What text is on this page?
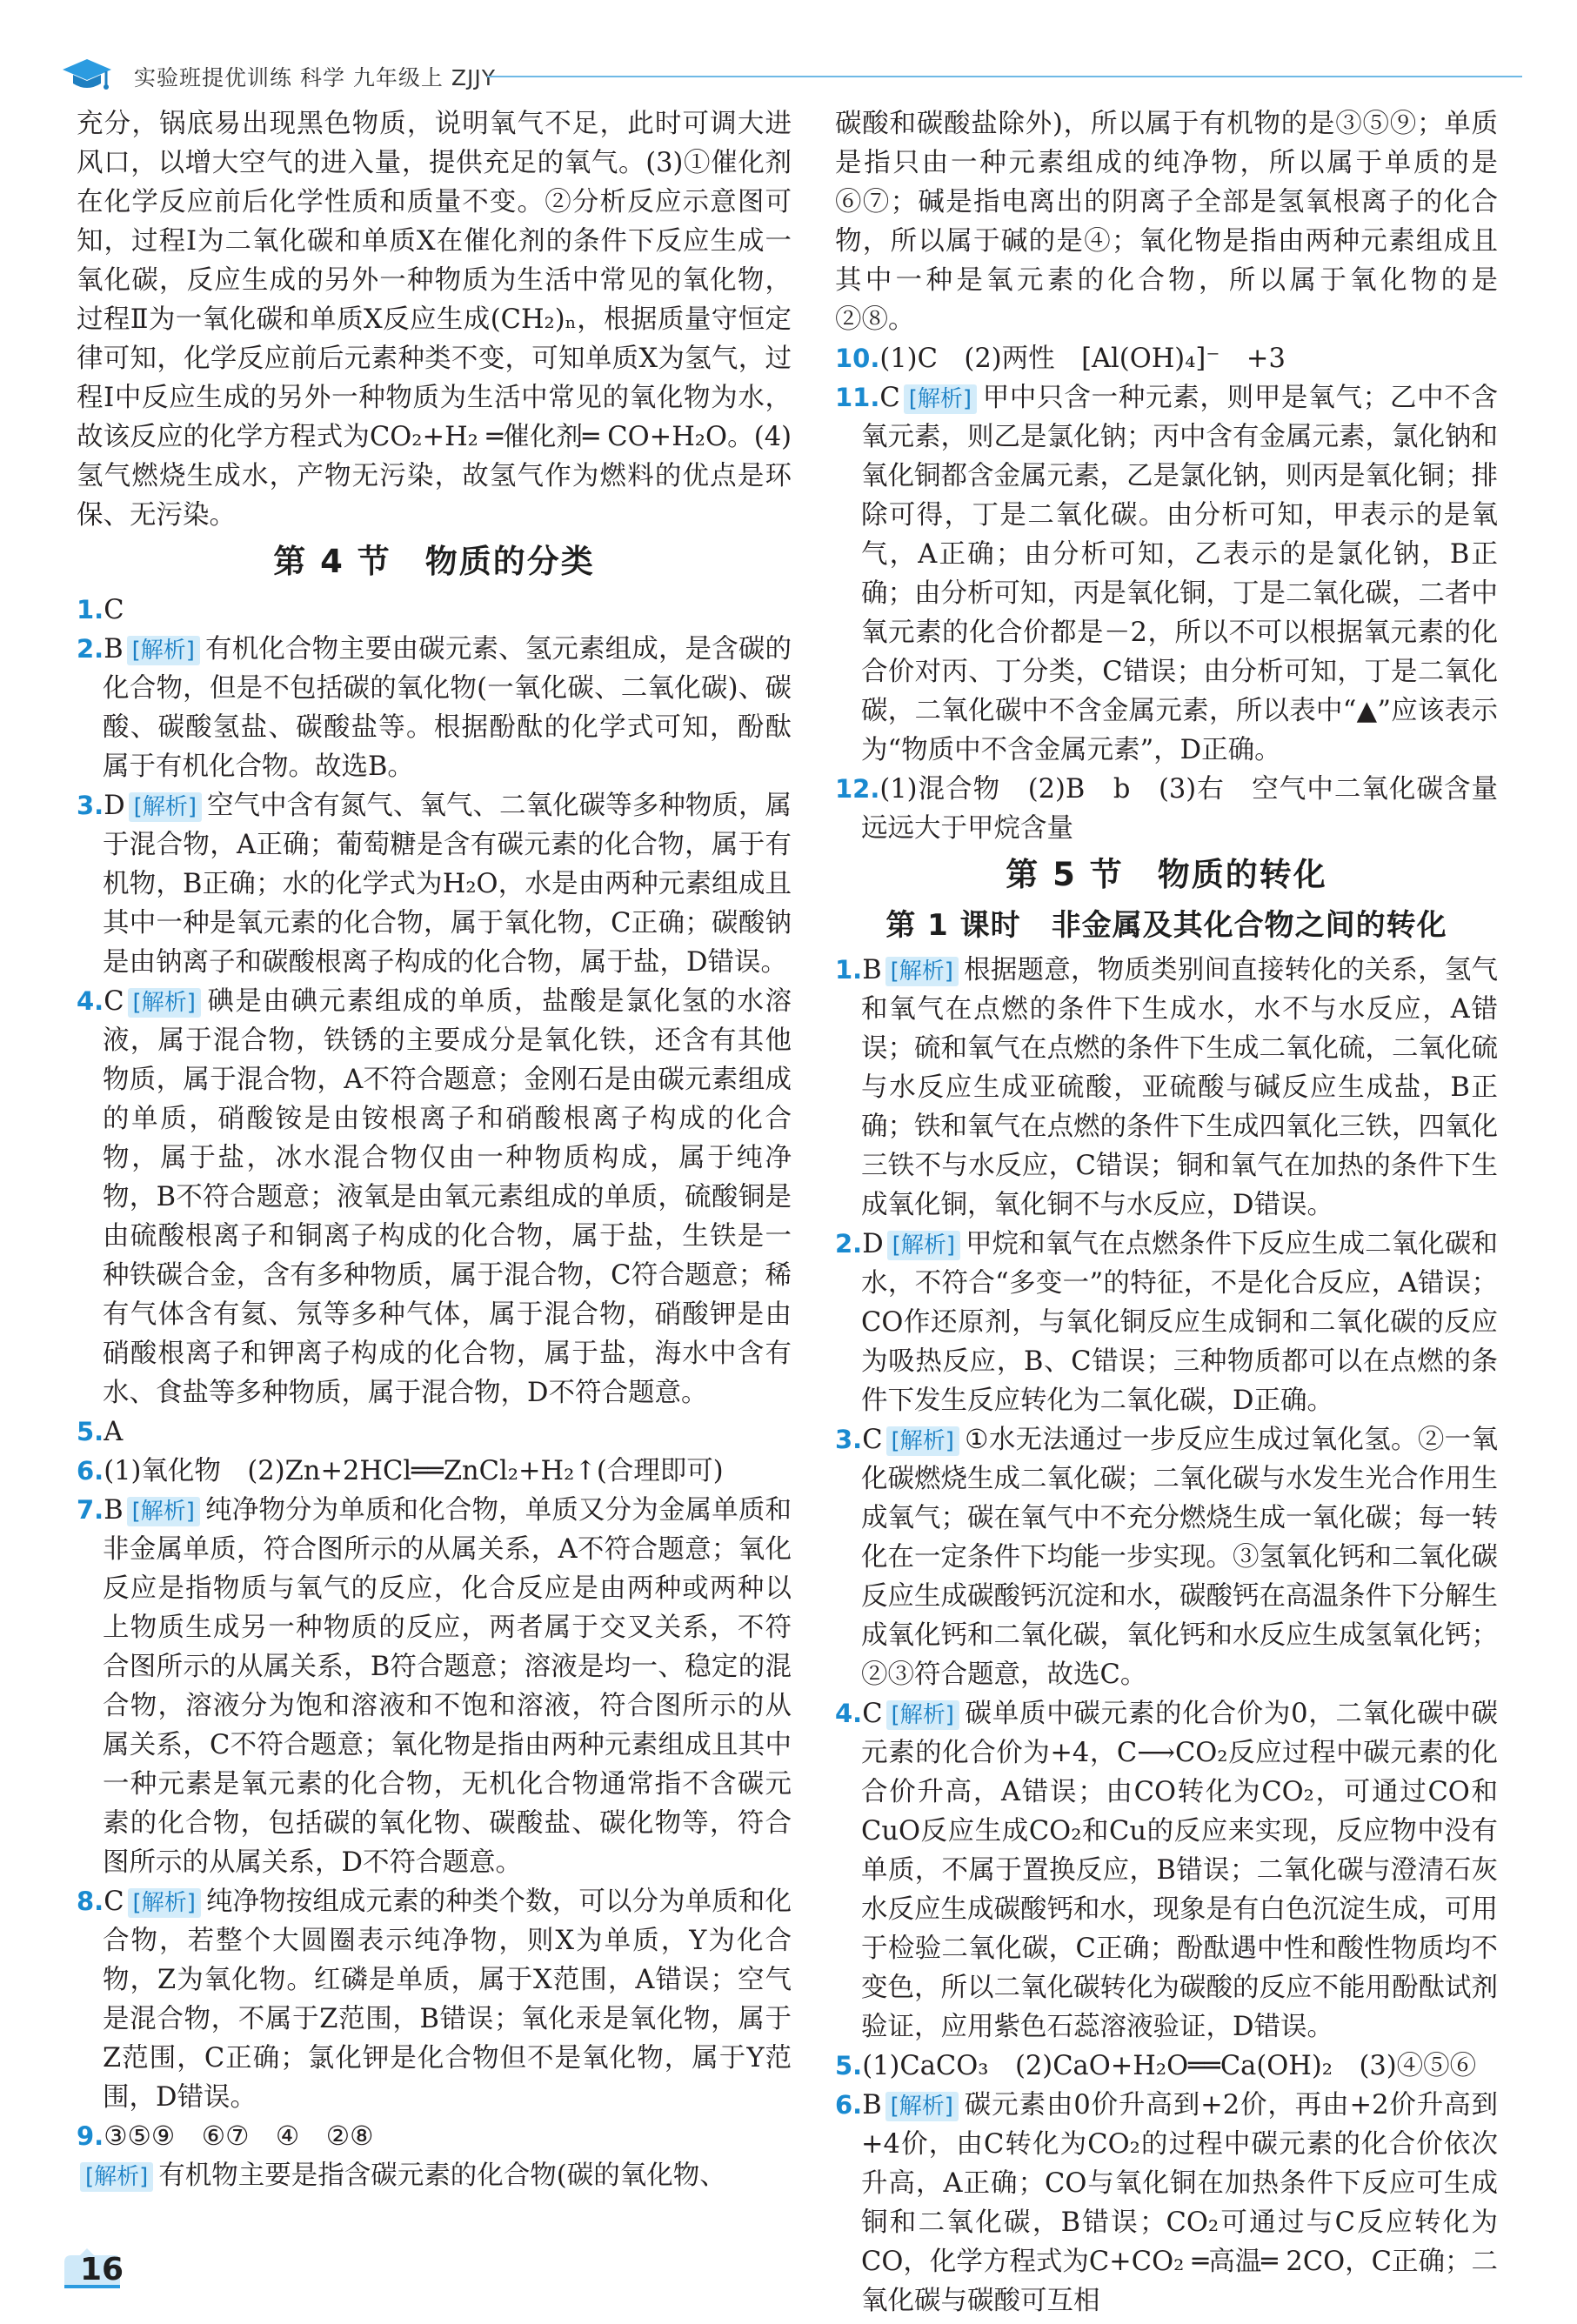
实验班提优训练 科学 九年级上 ZJJY

充分，锅底易出现黑色物质，说明氧气不足，此时可调大进风口，以增大空气的进入量，提供充足的氧气。(3)①催化剂在化学反应前后化学性质和质量不变。②分析反应示意图可知，过程Ⅰ为二氧化碳和单质X在催化剂的条件下反应生成一氧化碳，反应生成的另外一种物质为生活中常见的氧化物，过程Ⅱ为一氧化碳和单质X反应生成(CH₂)ₙ，根据质量守恒定律可知，化学反应前后元素种类不变，可知单质X为氢气，过程Ⅰ中反应生成的另外一种物质为生活中常见的氧化物为水，故该反应的化学方程式为CO₂+H₂ ═催化剂═ CO+H₂O。(4)氢气燃烧生成水，产物无污染，故氢气作为燃料的优点是环保、无污染。

第 4 节　物质的分类

1.C

2.B [解析] 有机化合物主要由碳元素、氢元素组成，是含碳的化合物，但是不包括碳的氧化物(一氧化碳、二氧化碳)、碳酸、碳酸氢盐、碳酸盐等。根据酚酞的化学式可知，酚酞属于有机化合物。故选B。

3.D [解析] 空气中含有氮气、氧气、二氧化碳等多种物质，属于混合物，A正确；葡萄糖是含有碳元素的化合物，属于有机物，B正确；水的化学式为H₂O，水是由两种元素组成且其中一种是氧元素的化合物，属于氧化物，C正确；碳酸钠是由钠离子和碳酸根离子构成的化合物，属于盐，D错误。

4.C [解析] 碘是由碘元素组成的单质，盐酸是氯化氢的水溶液，属于混合物，铁锈的主要成分是氧化铁，还含有其他物质，属于混合物，A不符合题意；金刚石是由碳元素组成的单质，硝酸铵是由铵根离子和硝酸根离子构成的化合物，属于盐，冰水混合物仅由一种物质构成，属于纯净物，B不符合题意；液氧是由氧元素组成的单质，硫酸铜是由硫酸根离子和铜离子构成的化合物，属于盐，生铁是一种铁碳合金，含有多种物质，属于混合物，C符合题意；稀有气体含有氦、氖等多种气体，属于混合物，硝酸钾是由硝酸根离子和钾离子构成的化合物，属于盐，海水中含有水、食盐等多种物质，属于混合物，D不符合题意。

5.A

6.(1)氧化物　(2)Zn+2HCl══ZnCl₂+H₂↑(合理即可)

7.B [解析] 纯净物分为单质和化合物，单质又分为金属单质和非金属单质，符合图所示的从属关系，A不符合题意；氧化反应是指物质与氧气的反应，化合反应是由两种或两种以上物质生成另一种物质的反应，两者属于交叉关系，不符合图所示的从属关系，B符合题意；溶液是均一、稳定的混合物，溶液分为饱和溶液和不饱和溶液，符合图所示的从属关系，C不符合题意；氧化物是指由两种元素组成且其中一种元素是氧元素的化合物，无机化合物通常指不含碳元素的化合物，包括碳的氧化物、碳酸盐、碳化物等，符合图所示的从属关系，D不符合题意。

8.C [解析] 纯净物按组成元素的种类个数，可以分为单质和化合物，若整个大圆圈表示纯净物，则X为单质，Y为化合物，Z为氧化物。红磷是单质，属于X范围，A错误；空气是混合物，不属于Z范围，B错误；氧化汞是氧化物，属于Z范围，C正确；氯化钾是化合物但不是氧化物，属于Y范围，D错误。

9.③⑤⑨　⑥⑦　④　②⑧

[解析] 有机物主要是指含碳元素的化合物(碳的氧化物、

碳酸和碳酸盐除外)，所以属于有机物的是③⑤⑨；单质是指只由一种元素组成的纯净物，所以属于单质的是⑥⑦；碱是指电离出的阴离子全部是氢氧根离子的化合物，所以属于碱的是④；氧化物是指由两种元素组成且其中一种是氧元素的化合物，所以属于氧化物的是②⑧。

10.(1)C　(2)两性　[Al(OH)₄]⁻　+3

11.C [解析] 甲中只含一种元素，则甲是氧气；乙中不含氧元素，则乙是氯化钠；丙中含有金属元素，氯化钠和氧化铜都含金属元素，乙是氯化钠，则丙是氧化铜；排除可得，丁是二氧化碳。由分析可知，甲表示的是氧气，A正确；由分析可知，乙表示的是氯化钠，B正确；由分析可知，丙是氧化铜，丁是二氧化碳，二者中氧元素的化合价都是－2，所以不可以根据氧元素的化合价对丙、丁分类，C错误；由分析可知，丁是二氧化碳，二氧化碳中不含金属元素，所以表中“▲”应该表示为“物质中不含金属元素”，D正确。

12.(1)混合物　(2)B　b　(3)右　空气中二氧化碳含量远远大于甲烷含量

第 5 节　物质的转化
第 1 课时　非金属及其化合物之间的转化

1.B [解析] 根据题意，物质类别间直接转化的关系，氢气和氧气在点燃的条件下生成水，水不与水反应，A错误；硫和氧气在点燃的条件下生成二氧化硫，二氧化硫与水反应生成亚硫酸，亚硫酸与碱反应生成盐，B正确；铁和氧气在点燃的条件下生成四氧化三铁，四氧化三铁不与水反应，C错误；铜和氧气在加热的条件下生成氧化铜，氧化铜不与水反应，D错误。

2.D [解析] 甲烷和氧气在点燃条件下反应生成二氧化碳和水，不符合“多变一”的特征，不是化合反应，A错误；CO作还原剂，与氧化铜反应生成铜和二氧化碳的反应为吸热反应，B、C错误；三种物质都可以在点燃的条件下发生反应转化为二氧化碳，D正确。

3.C [解析] ①水无法通过一步反应生成过氧化氢。②一氧化碳燃烧生成二氧化碳；二氧化碳与水发生光合作用生成氧气；碳在氧气中不充分燃烧生成一氧化碳；每一转化在一定条件下均能一步实现。③氢氧化钙和二氧化碳反应生成碳酸钙沉淀和水，碳酸钙在高温条件下分解生成氧化钙和二氧化碳，氧化钙和水反应生成氢氧化钙；②③符合题意，故选C。

4.C [解析] 碳单质中碳元素的化合价为0，二氧化碳中碳元素的化合价为+4，C⟶CO₂反应过程中碳元素的化合价升高，A错误；由CO转化为CO₂，可通过CO和CuO反应生成CO₂和Cu的反应来实现，反应物中没有单质，不属于置换反应，B错误；二氧化碳与澄清石灰水反应生成碳酸钙和水，现象是有白色沉淀生成，可用于检验二氧化碳，C正确；酚酞遇中性和酸性物质均不变色，所以二氧化碳转化为碳酸的反应不能用酚酞试剂验证，应用紫色石蕊溶液验证，D错误。

5.(1)CaCO₃　(2)CaO+H₂O══Ca(OH)₂　(3)④⑤⑥

6.B [解析] 碳元素由0价升高到+2价，再由+2价升高到+4价，由C转化为CO₂的过程中碳元素的化合价依次升高，A正确；CO与氧化铜在加热条件下反应可生成铜和二氧化碳，B错误；CO₂可通过与C反应转化为CO，化学方程式为C+CO₂ ═高温═ 2CO，C正确；二氧化碳与碳酸可互相

16
